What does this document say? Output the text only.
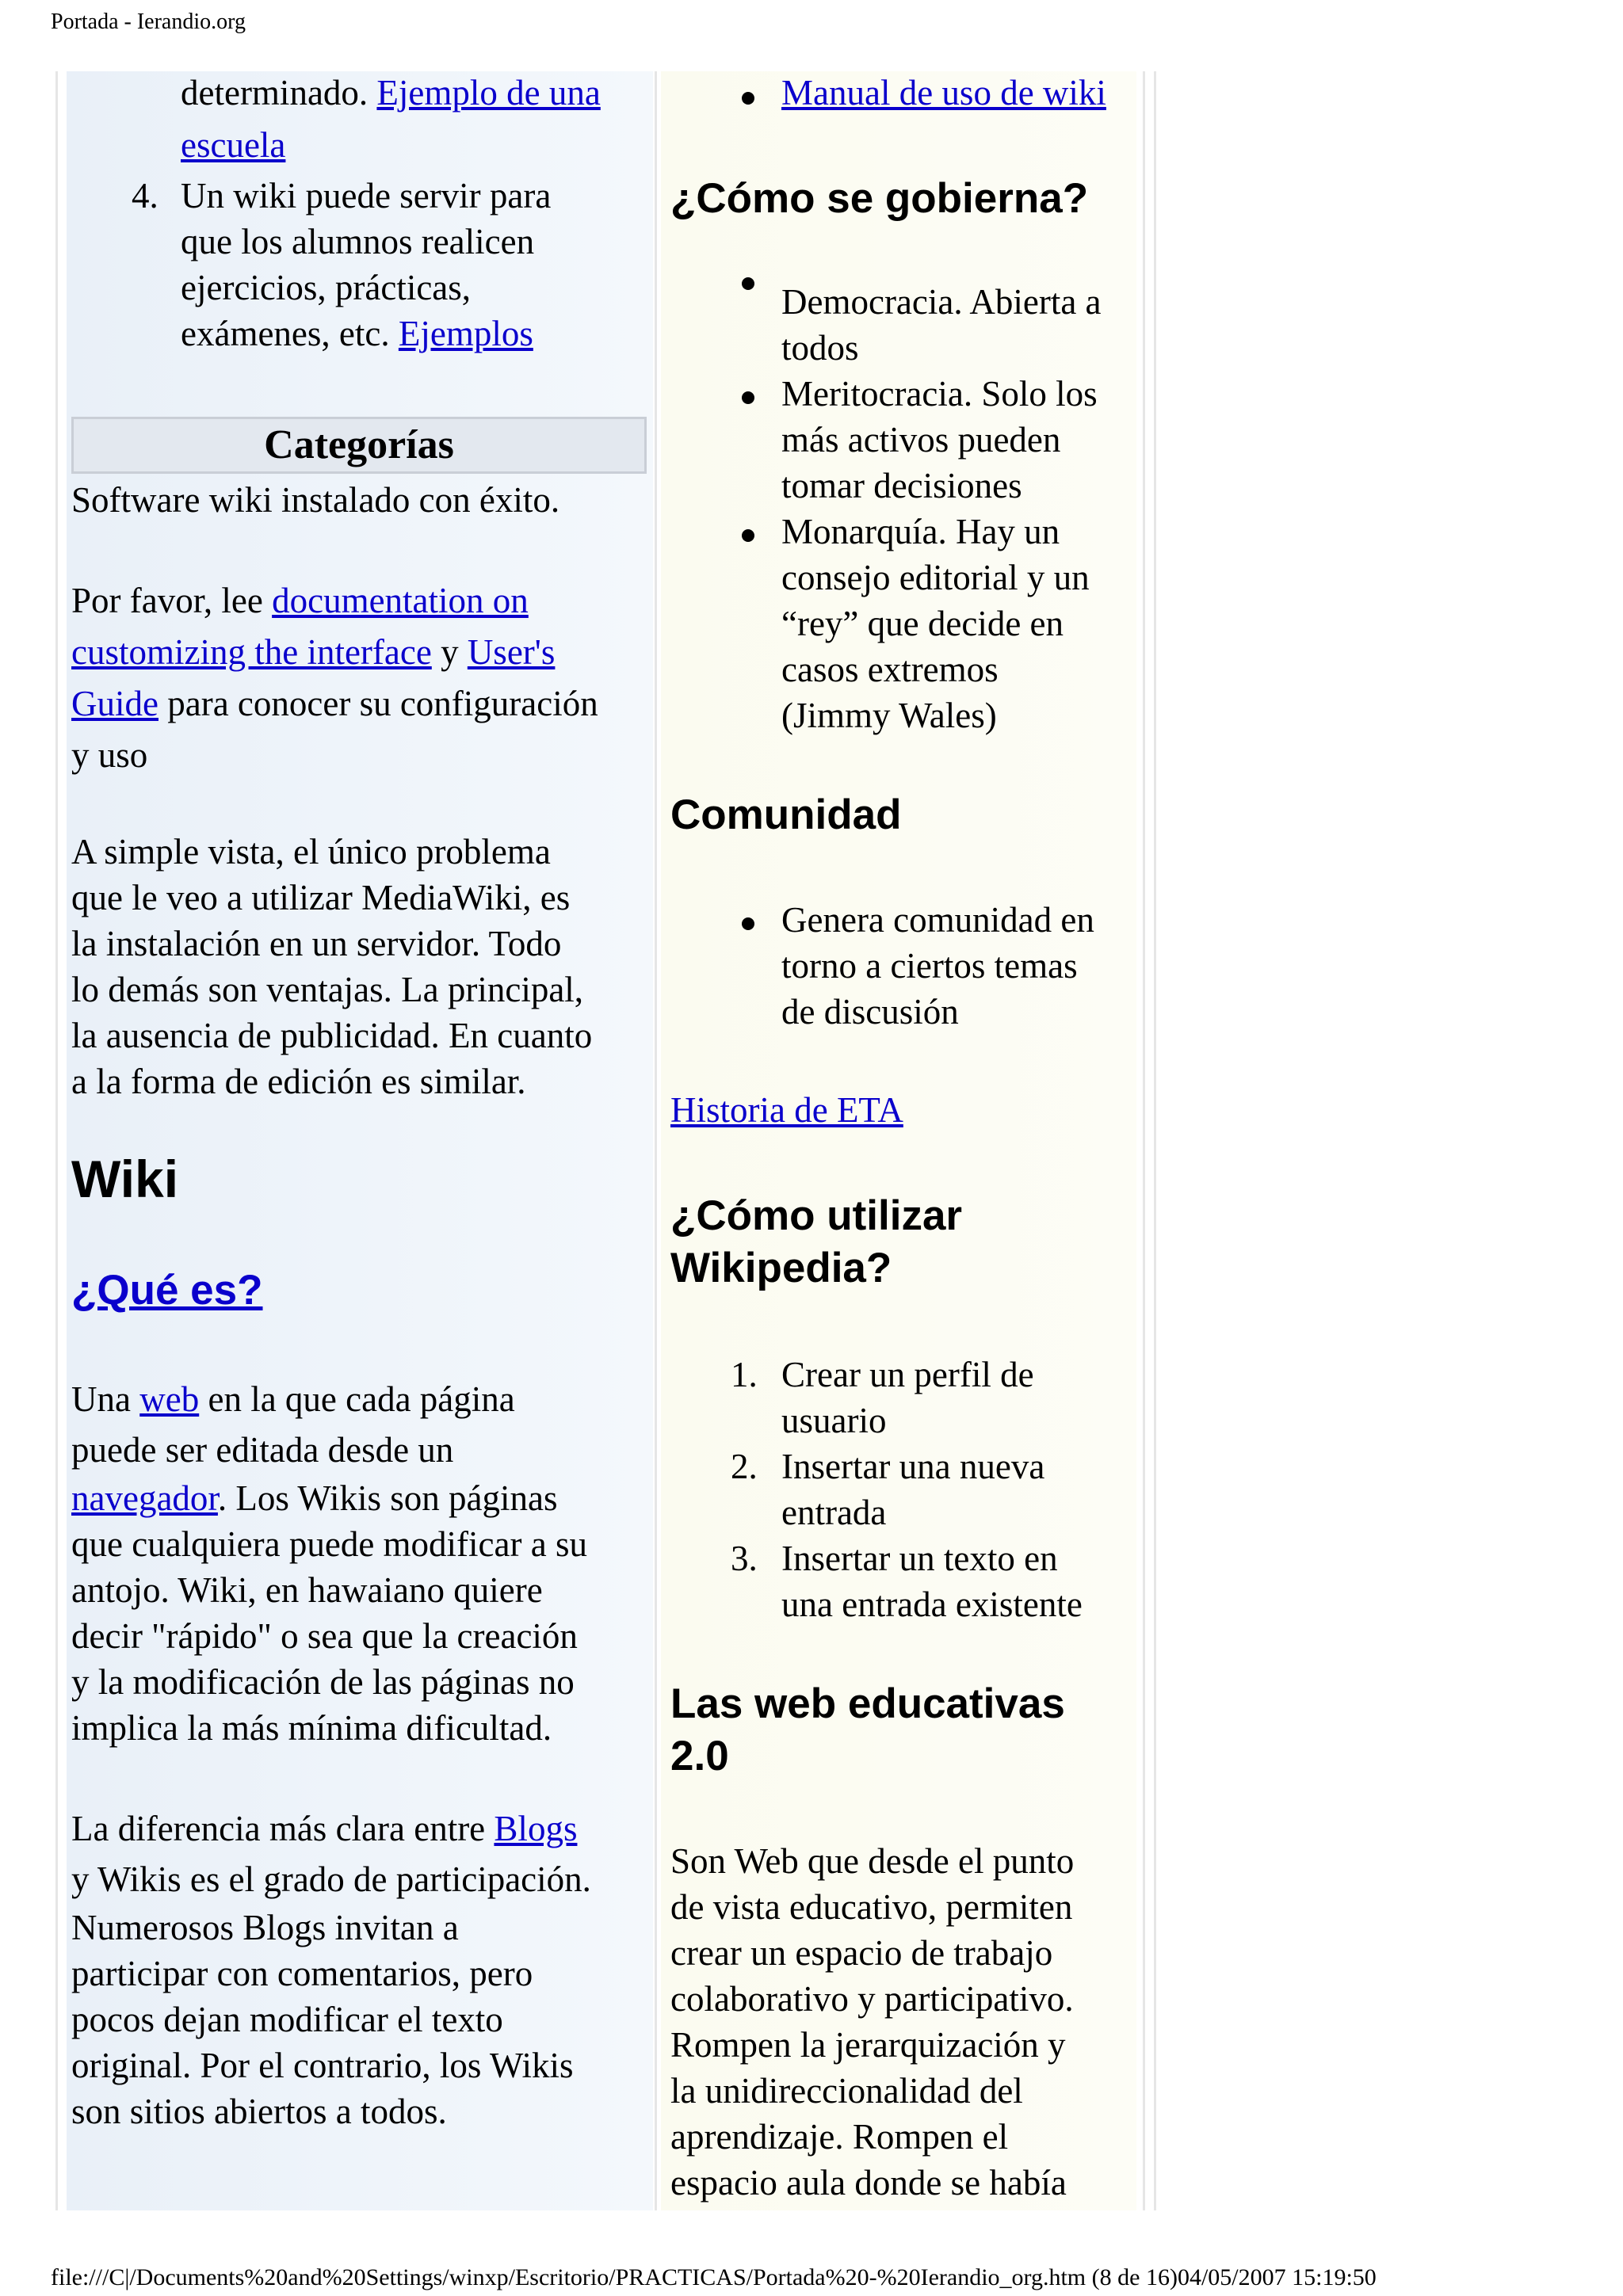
Portada - Ierandio.org
determinado. Ejemplo de una
escuela
4. Un wiki puede servir para
que los alumnos realicen
ejercicios, prácticas,
exámenes, etc. Ejemplos
Categorías
Software wiki instalado con éxito.
Por favor, lee documentation on
customizing the interface y User's
Guide para conocer su configuración
y uso
A simple vista, el único problema
que le veo a utilizar MediaWiki, es
la instalación en un servidor. Todo
lo demás son ventajas. La principal,
la ausencia de publicidad. En cuanto
a la forma de edición es similar.
Wiki
¿Qué es?
Una web en la que cada página
puede ser editada desde un
navegador. Los Wikis son páginas
que cualquiera puede modificar a su
antojo. Wiki, en hawaiano quiere
decir "rápido" o sea que la creación
y la modificación de las páginas no
implica la más mínima dificultad.
La diferencia más clara entre Blogs
y Wikis es el grado de participación.
Numerosos Blogs invitan a
participar con comentarios, pero
pocos dejan modificar el texto
original. Por el contrario, los Wikis
son sitios abiertos a todos.
Manual de uso de wiki
¿Cómo se gobierna?
Democracia. Abierta a
todos
Meritocracia. Solo los
más activos pueden
tomar decisiones
Monarquía. Hay un
consejo editorial y un
“rey” que decide en
casos extremos
(Jimmy Wales)
Comunidad
Genera comunidad en
torno a ciertos temas
de discusión
Historia de ETA
¿Cómo utilizar
Wikipedia?
1. Crear un perfil de
usuario
2. Insertar una nueva
entrada
3. Insertar un texto en
una entrada existente
Las web educativas
2.0
Son Web que desde el punto
de vista educativo, permiten
crear un espacio de trabajo
colaborativo y participativo.
Rompen la jerarquización y
la unidireccionalidad del
aprendizaje. Rompen el
espacio aula donde se había
file:///C|/Documents%20and%20Settings/winxp/Escritorio/PRACTICAS/Portada%20-%20Ierandio_org.htm (8 de 16)04/05/2007 15:19:50
